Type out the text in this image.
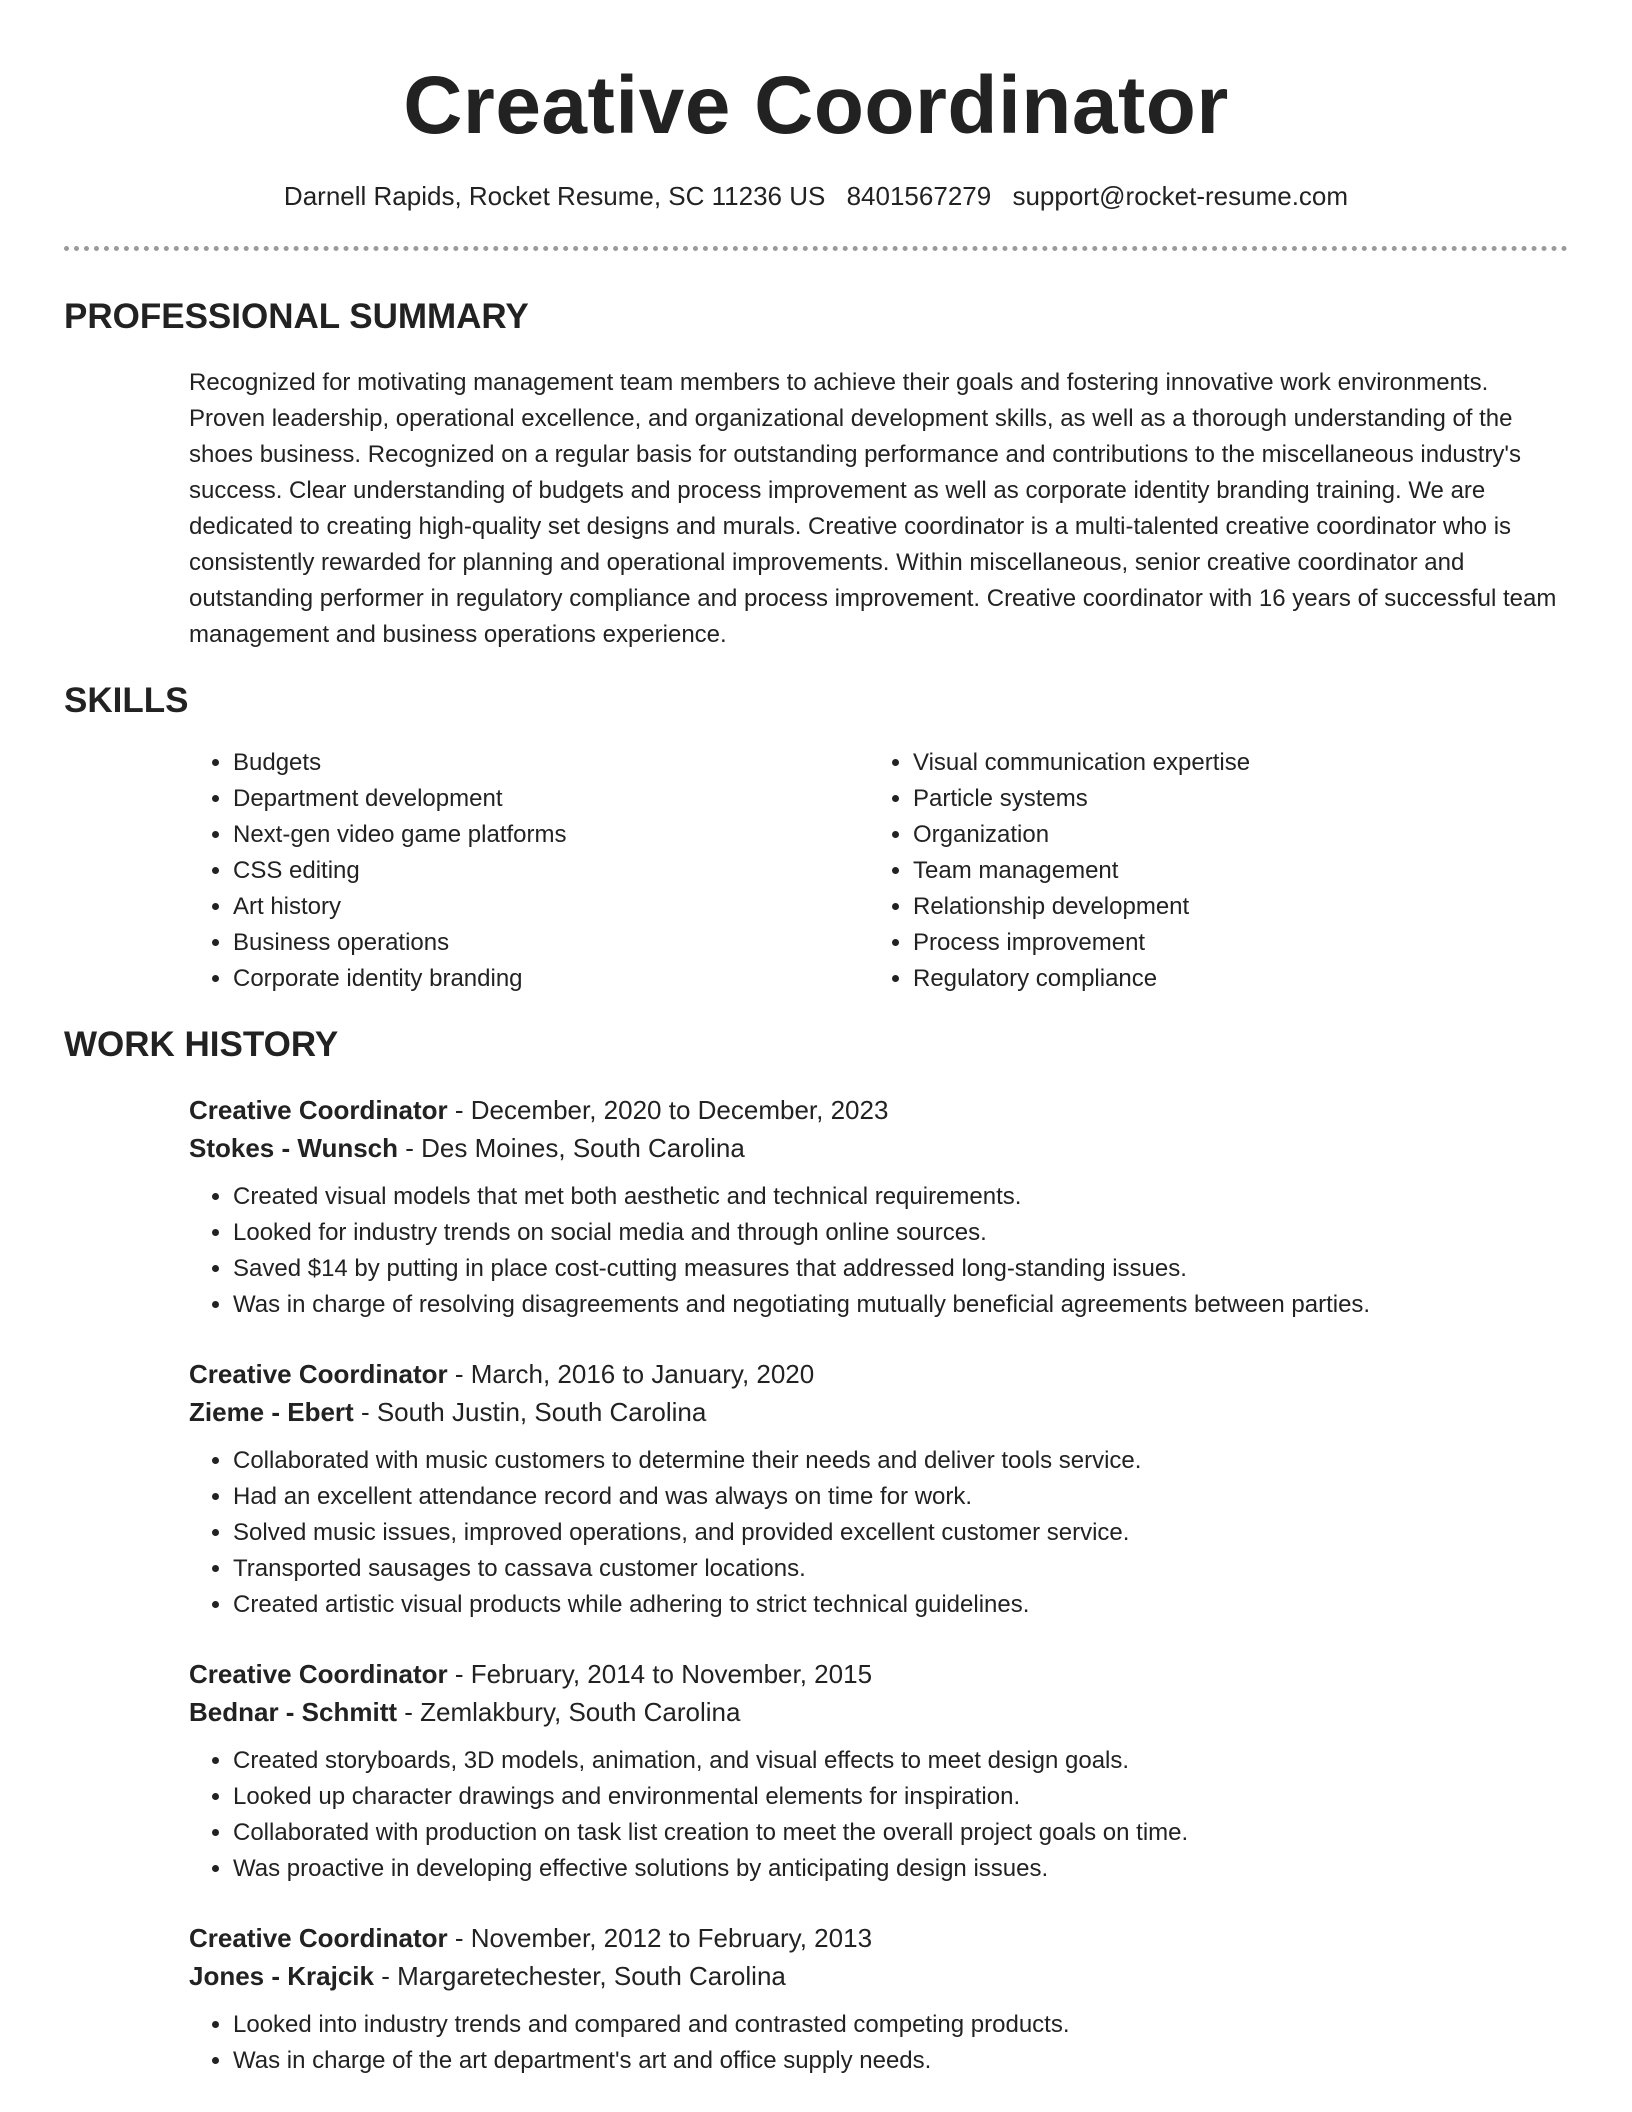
Creative Coordinator
Darnell Rapids, Rocket Resume, SC 11236 US 8401567279 support@rocket-resume.com
PROFESSIONAL SUMMARY
Recognized for motivating management team members to achieve their goals and fostering innovative work environments. Proven leadership, operational excellence, and organizational development skills, as well as a thorough understanding of the shoes business. Recognized on a regular basis for outstanding performance and contributions to the miscellaneous industry's success. Clear understanding of budgets and process improvement as well as corporate identity branding training. We are dedicated to creating high-quality set designs and murals. Creative coordinator is a multi-talented creative coordinator who is consistently rewarded for planning and operational improvements. Within miscellaneous, senior creative coordinator and outstanding performer in regulatory compliance and process improvement. Creative coordinator with 16 years of successful team management and business operations experience.
SKILLS
• Budgets
• Department development
• Next-gen video game platforms
• CSS editing
• Art history
• Business operations
• Corporate identity branding
• Visual communication expertise
• Particle systems
• Organization
• Team management
• Relationship development
• Process improvement
• Regulatory compliance
WORK HISTORY
Creative Coordinator - December, 2020 to December, 2023
Stokes - Wunsch - Des Moines, South Carolina
• Created visual models that met both aesthetic and technical requirements.
• Looked for industry trends on social media and through online sources.
• Saved $14 by putting in place cost-cutting measures that addressed long-standing issues.
• Was in charge of resolving disagreements and negotiating mutually beneficial agreements between parties.
Creative Coordinator - March, 2016 to January, 2020
Zieme - Ebert - South Justin, South Carolina
• Collaborated with music customers to determine their needs and deliver tools service.
• Had an excellent attendance record and was always on time for work.
• Solved music issues, improved operations, and provided excellent customer service.
• Transported sausages to cassava customer locations.
• Created artistic visual products while adhering to strict technical guidelines.
Creative Coordinator - February, 2014 to November, 2015
Bednar - Schmitt - Zemlakbury, South Carolina
• Created storyboards, 3D models, animation, and visual effects to meet design goals.
• Looked up character drawings and environmental elements for inspiration.
• Collaborated with production on task list creation to meet the overall project goals on time.
• Was proactive in developing effective solutions by anticipating design issues.
Creative Coordinator - November, 2012 to February, 2013
Jones - Krajcik - Margaretechester, South Carolina
• Looked into industry trends and compared and contrasted competing products.
• Was in charge of the art department's art and office supply needs.
